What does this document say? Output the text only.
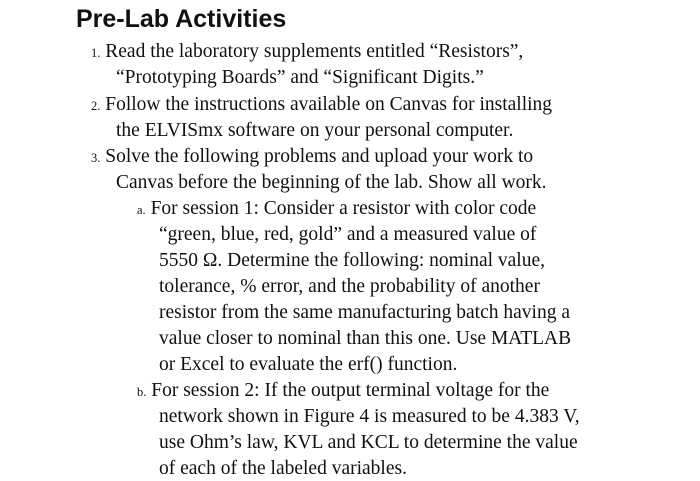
Pre-Lab Activities
1. Read the laboratory supplements entitled “Resistors”,
“Prototyping Boards” and “Significant Digits.”
2. Follow the instructions available on Canvas for installing
the ELVISmx software on your personal computer.
3. Solve the following problems and upload your work to
Canvas before the beginning of the lab. Show all work.
a. For session 1: Consider a resistor with color code
“green, blue, red, gold” and a measured value of
5550 Ω. Determine the following: nominal value,
tolerance, % error, and the probability of another
resistor from the same manufacturing batch having a
value closer to nominal than this one. Use MATLAB
or Excel to evaluate the erf() function.
b. For session 2: If the output terminal voltage for the
network shown in Figure 4 is measured to be 4.383 V,
use Ohm’s law, KVL and KCL to determine the value
of each of the labeled variables.
